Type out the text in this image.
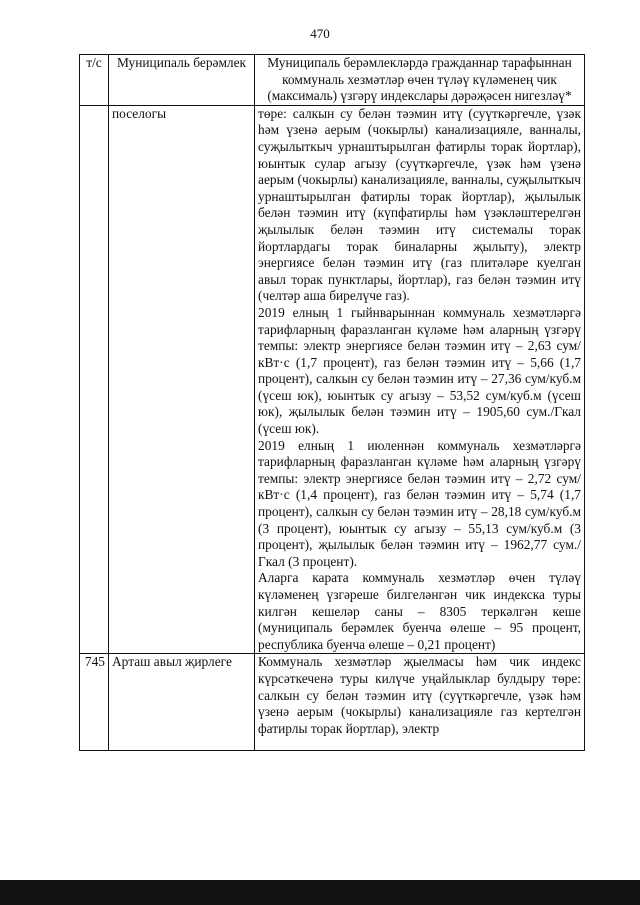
470
т/с	Муниципаль берәмлек	Муниципаль берәмлекләрдә гражданнар тарафыннан коммуналь хезмәтләр өчен түләү күләменең чик (максималь) үзгәрү индекслары дәрәҗәсен нигезләү*
	поселогы	төре: салкын су белән тәэмин итү (суүткәргечле, үзәк һәм үзенә аерым (чокырлы) канализацияле, ванналы, суҗылыткыч урнаштырылган фатирлы торак йортлар), юынтык сулар агызу (суүткәргечле, үзәк һәм үзенә аерым (чокырлы) канализацияле, ванналы, суҗылыткыч урнаштырылган фатирлы торак йортлар), җылылык белән тәэмин итү (күпфатирлы һәм үзәкләштерелгән җылылык белән тәэмин итү системалы торак йортлардагы торак биналарны җылыту), электр энергиясе белән тәэмин итү (газ плитәләре куелган авыл торак пунктлары, йортлар), газ белән тәэмин итү (челтәр аша бирелүче газ).
2019 елның 1 гыйнварыннан коммуналь хезмәтләргә тарифларның фаразланган күләме һәм аларның үзгәрү темпы: электр энергиясе белән тәэмин итү – 2,63 сум/кВт·с (1,7 процент), газ белән тәэмин итү – 5,66 (1,7 процент), салкын су белән тәэмин итү – 27,36 сум/куб.м (үсеш юк), юынтык су агызу – 53,52 сум/куб.м (үсеш юк), җылылык белән тәэмин итү – 1905,60 сум./Гкал (үсеш юк).
2019 елның 1 июленнән коммуналь хезмәтләргә тарифларның фаразланган күләме һәм аларның үзгәрү темпы: электр энергиясе белән тәэмин итү – 2,72 сум/кВт·с (1,4 процент), газ белән тәэмин итү – 5,74 (1,7 процент), салкын су белән тәэмин итү – 28,18 сум/куб.м (3 процент), юынтык су агызу – 55,13 сум/куб.м (3 процент), җылылык белән тәэмин итү – 1962,77 сум./Гкал (3 процент).
Аларга карата коммуналь хезмәтләр өчен түләү күләменең үзгәреше билгеләнгән чик индекска туры килгән кешеләр саны – 8305 теркәлгән кеше (муниципаль берәмлек буенча өлеше – 95 процент, республика буенча өлеше – 0,21 процент)

745	Арташ авыл җирлеге	Коммуналь хезмәтләр җыелмасы һәм чик индекс күрсәткеченә туры килүче уңайлыклар булдыру төре: салкын су белән тәэмин итү (суүткәргечле, үзәк һәм үзенә аерым (чокырлы) канализацияле газ кертелгән фатирлы торак йортлар), электр
